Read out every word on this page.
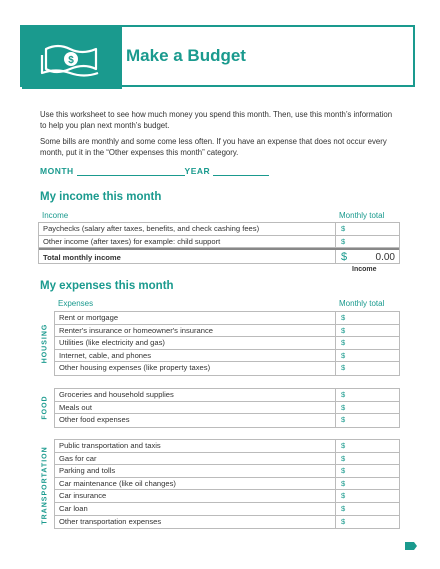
$	Make a Budget

Use this worksheet to see how much money you spend this month. Then, use this month’s information to help you plan next month’s budget.

Some bills are monthly and some come less often. If you have an expense that does not occur every month, put it in the “Other expenses this month” category.

MONTH	YEAR
My income this month
Income	Monthly total
Paychecks (salary after taxes, benefits, and check cashing fees)	$
Other income (after taxes) for example: child support	$
Total monthly income	$	0.00
Income
My expenses this month
Expenses	Monthly total
HOUSING
Rent or mortgage	$
Renter's insurance or homeowner's insurance	$
Utilities (like electricity and gas)	$
Internet, cable, and phones	$
Other housing expenses (like property taxes)	$
FOOD
Groceries and household supplies	$
Meals out	$
Other food expenses	$
TRANSPORTATION
Public transportation and taxis	$
Gas for car	$
Parking and tolls	$
Car maintenance (like oil changes)	$
Car insurance	$
Car loan	$
Other transportation expenses	$
